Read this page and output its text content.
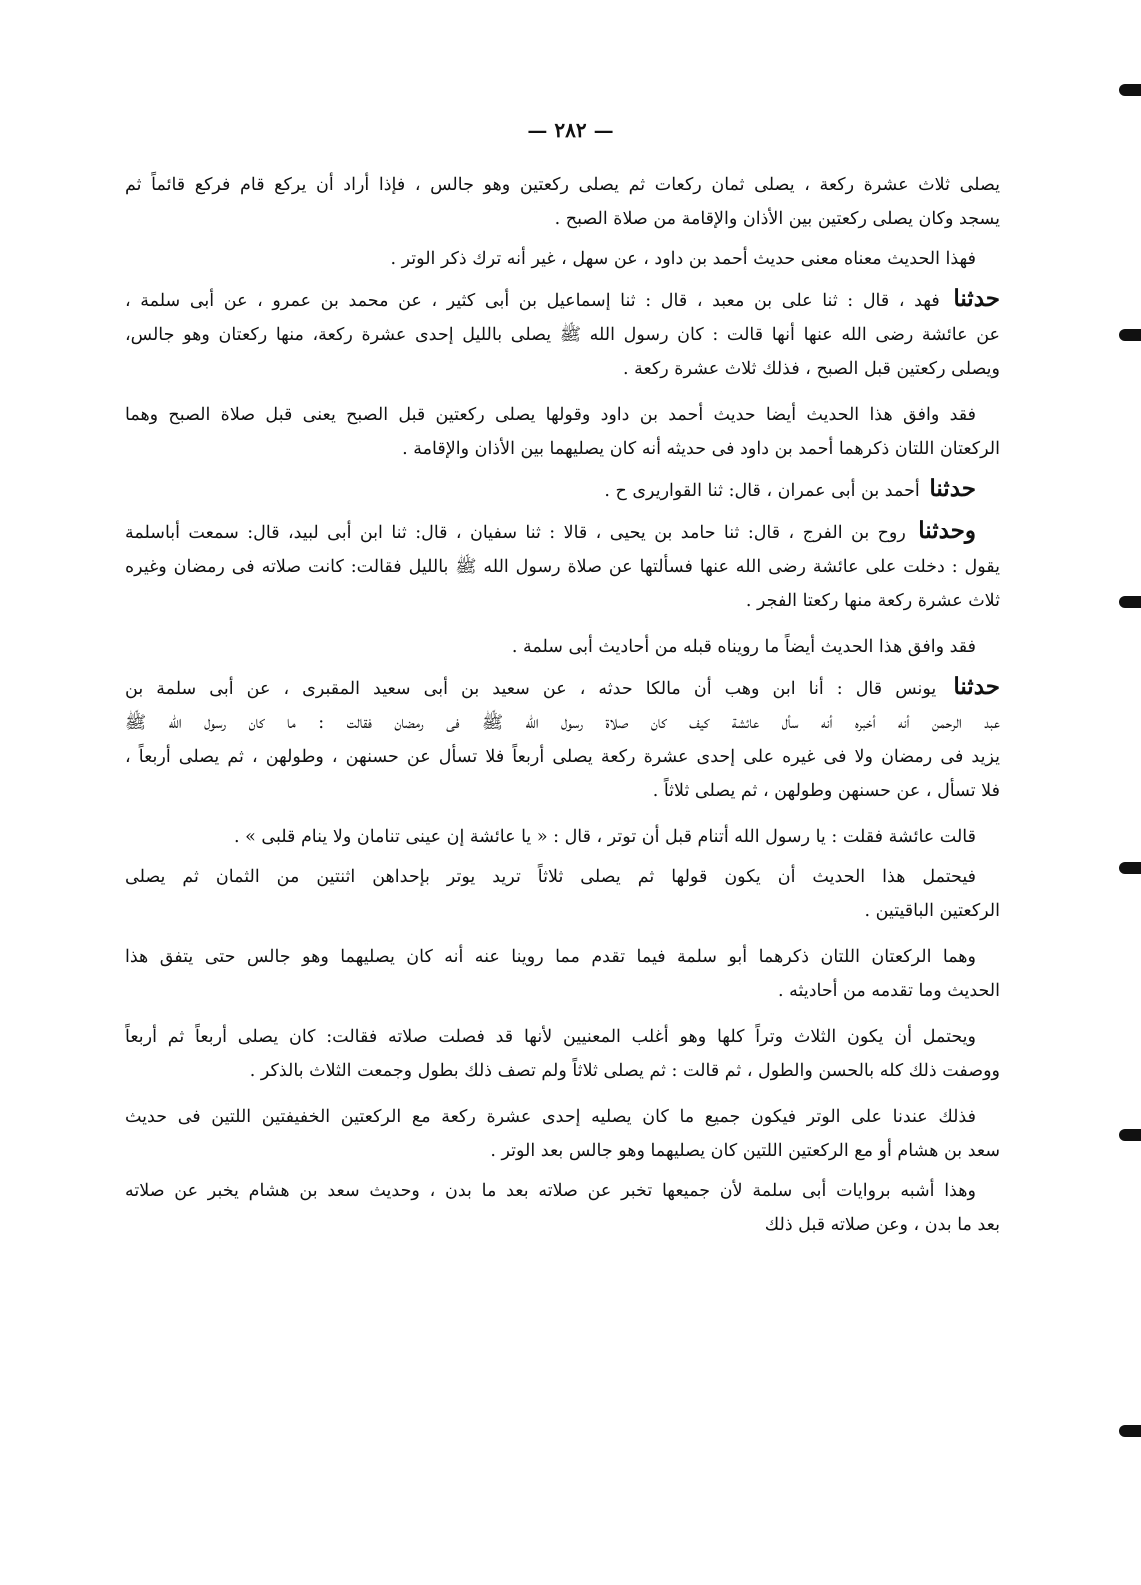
— ٢٨٢ —
يصلى ثلاث عشرة ركعة ، يصلى ثمان ركعات ثم يصلى ركعتين وهو جالس ، فإذا أراد أن يركع قام فركع قائماً ثم
يسجد وكان يصلى ركعتين بين الأذان والإقامة من صلاة الصبح .
فهذا الحديث معناه معنى حديث أحمد بن داود ، عن سهل ، غير أنه ترك ذكر الوتر .
حدثنا فهد ، قال : ثنا على بن معبد ، قال : ثنا إسماعيل بن أبى كثير ، عن محمد بن عمرو ، عن أبى سلمة ،
عن عائشة رضى الله عنها أنها قالت : كان رسول الله ﷺ يصلى بالليل إحدى عشرة ركعة، منها ركعتان وهو جالس،
ويصلى ركعتين قبل الصبح ، فذلك ثلاث عشرة ركعة .
فقد وافق هذا الحديث أيضا حديث أحمد بن داود وقولها يصلى ركعتين قبل الصبح يعنى قبل صلاة الصبح وهما
الركعتان اللتان ذكرهما أحمد بن داود فى حديثه أنه كان يصليهما بين الأذان والإقامة .
حدثنا أحمد بن أبى عمران ، قال: ثنا القواريرى ح .
وحدثنا روح بن الفرج ، قال: ثنا حامد بن يحيى ، قالا : ثنا سفيان ، قال: ثنا ابن أبى لبيد، قال: سمعت أباسلمة
يقول : دخلت على عائشة رضى الله عنها فسألتها عن صلاة رسول الله ﷺ بالليل فقالت: كانت صلاته فى رمضان وغيره
ثلاث عشرة ركعة منها ركعتا الفجر .
فقد وافق هذا الحديث أيضاً ما رويناه قبله من أحاديث أبى سلمة .
حدثنا يونس قال : أنا ابن وهب أن مالكا حدثه ، عن سعيد بن أبى سعيد المقبرى ، عن أبى سلمة بن
عبد الرحمن أنه أخبره أنه سأل عائشة كيف كان صلاة رسول الله ﷺ فى رمضان فقالت : ما كان رسول الله ﷺ
يزيد فى رمضان ولا فى غيره على إحدى عشرة ركعة يصلى أربعاً فلا تسأل عن حسنهن ، وطولهن ، ثم يصلى أربعاً ،
فلا تسأل ، عن حسنهن وطولهن ، ثم يصلى ثلاثاً .
قالت عائشة فقلت : يا رسول الله أتنام قبل أن توتر ، قال : « يا عائشة إن عينى تنامان ولا ينام قلبى » .
فيحتمل هذا الحديث أن يكون قولها ثم يصلى ثلاثاً تريد يوتر بإحداهن اثنتين من الثمان ثم يصلى
الركعتين الباقيتين .
وهما الركعتان اللتان ذكرهما أبو سلمة فيما تقدم مما روينا عنه أنه كان يصليهما وهو جالس حتى يتفق هذا
الحديث وما تقدمه من أحاديثه .
ويحتمل أن يكون الثلاث وتراً كلها وهو أغلب المعنيين لأنها قد فصلت صلاته فقالت: كان يصلى أربعاً ثم أربعاً
ووصفت ذلك كله بالحسن والطول ، ثم قالت : ثم يصلى ثلاثاً ولم تصف ذلك بطول وجمعت الثلاث بالذكر .
فذلك عندنا على الوتر فيكون جميع ما كان يصليه إحدى عشرة ركعة مع الركعتين الخفيفتين اللتين فى حديث
سعد بن هشام أو مع الركعتين اللتين كان يصليهما وهو جالس بعد الوتر .
وهذا أشبه بروايات أبى سلمة لأن جميعها تخبر عن صلاته بعد ما بدن ، وحديث سعد بن هشام يخبر عن صلاته
بعد ما بدن ، وعن صلاته قبل ذلك
